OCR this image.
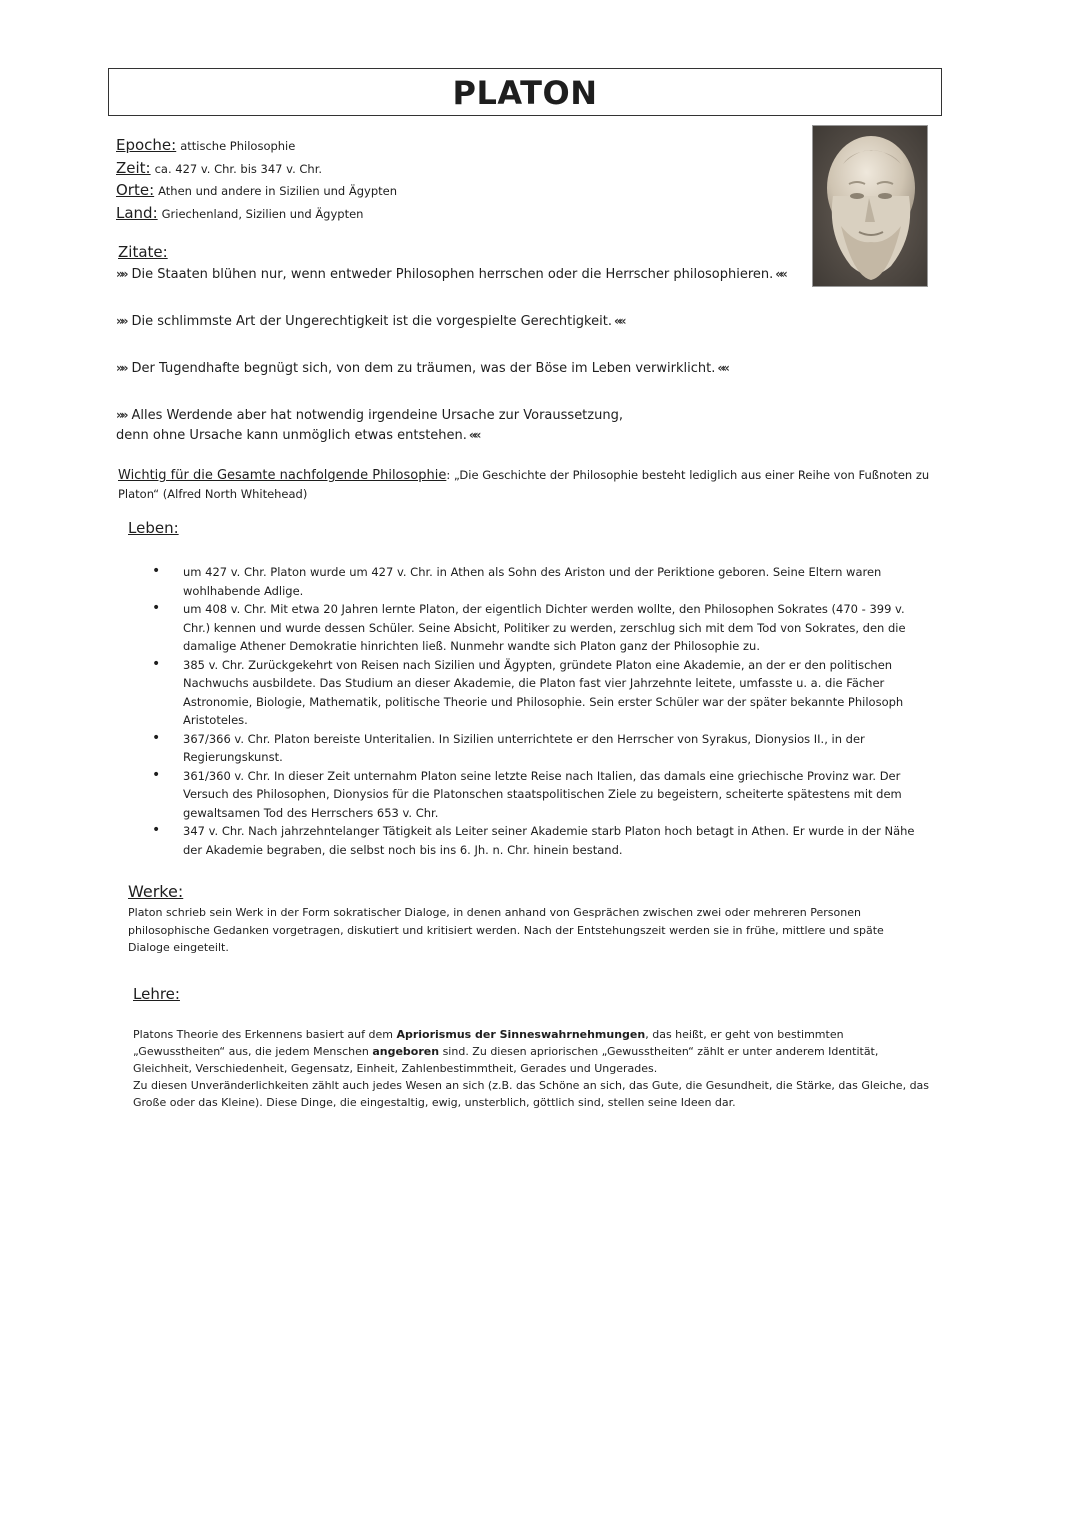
PLATON
Epoche: attische Philosophie
Zeit: ca. 427 v. Chr. bis 347 v. Chr.
Orte: Athen und andere in Sizilien und Ägypten
Land: Griechenland, Sizilien und Ägypten
Zitate:
»» Die Staaten blühen nur, wenn entweder Philosophen herrschen oder die Herrscher philosophieren. ««
»» Die schlimmste Art der Ungerechtigkeit ist die vorgespielte Gerechtigkeit. ««
»» Der Tugendhafte begnügt sich, von dem zu träumen, was der Böse im Leben verwirklicht. ««
»» Alles Werdende aber hat notwendig irgendeine Ursache zur Voraussetzung,
denn ohne Ursache kann unmöglich etwas entstehen. ««
Wichtig für die Gesamte nachfolgende Philosophie: „Die Geschichte der Philosophie besteht lediglich aus einer Reihe von Fußnoten zu Platon“ (Alfred North Whitehead)
Leben:
• um 427 v. Chr. Platon wurde um 427 v. Chr. in Athen als Sohn des Ariston und der Periktione geboren. Seine Eltern waren wohlhabende Adlige.
• um 408 v. Chr. Mit etwa 20 Jahren lernte Platon, der eigentlich Dichter werden wollte, den Philosophen Sokrates (470 - 399 v. Chr.) kennen und wurde dessen Schüler. Seine Absicht, Politiker zu werden, zerschlug sich mit dem Tod von Sokrates, den die damalige Athener Demokratie hinrichten ließ. Nunmehr wandte sich Platon ganz der Philosophie zu.
• 385 v. Chr. Zurückgekehrt von Reisen nach Sizilien und Ägypten, gründete Platon eine Akademie, an der er den politischen Nachwuchs ausbildete. Das Studium an dieser Akademie, die Platon fast vier Jahrzehnte leitete, umfasste u. a. die Fächer Astronomie, Biologie, Mathematik, politische Theorie und Philosophie. Sein erster Schüler war der später bekannte Philosoph Aristoteles.
• 367/366 v. Chr. Platon bereiste Unteritalien. In Sizilien unterrichtete er den Herrscher von Syrakus, Dionysios II., in der Regierungskunst.
• 361/360 v. Chr. In dieser Zeit unternahm Platon seine letzte Reise nach Italien, das damals eine griechische Provinz war. Der Versuch des Philosophen, Dionysios für die Platonschen staatspolitischen Ziele zu begeistern, scheiterte spätestens mit dem gewaltsamen Tod des Herrschers 653 v. Chr.
• 347 v. Chr. Nach jahrzehntelanger Tätigkeit als Leiter seiner Akademie starb Platon hoch betagt in Athen. Er wurde in der Nähe der Akademie begraben, die selbst noch bis ins 6. Jh. n. Chr. hinein bestand.
Werke:
Platon schrieb sein Werk in der Form sokratischer Dialoge, in denen anhand von Gesprächen zwischen zwei oder mehreren Personen philosophische Gedanken vorgetragen, diskutiert und kritisiert werden. Nach der Entstehungszeit werden sie in frühe, mittlere und späte Dialoge eingeteilt.
Lehre:
Platons Theorie des Erkennens basiert auf dem Apriorismus der Sinneswahrnehmungen, das heißt, er geht von bestimmten „Gewusstheiten“ aus, die jedem Menschen angeboren sind. Zu diesen apriorischen „Gewusstheiten“ zählt er unter anderem Identität, Gleichheit, Verschiedenheit, Gegensatz, Einheit, Zahlenbestimmtheit, Gerades und Ungerades.
Zu diesen Unveränderlichkeiten zählt auch jedes Wesen an sich (z.B. das Schöne an sich, das Gute, die Gesundheit, die Stärke, das Gleiche, das Große oder das Kleine). Diese Dinge, die eingestaltig, ewig, unsterblich, göttlich sind, stellen seine Ideen dar.
